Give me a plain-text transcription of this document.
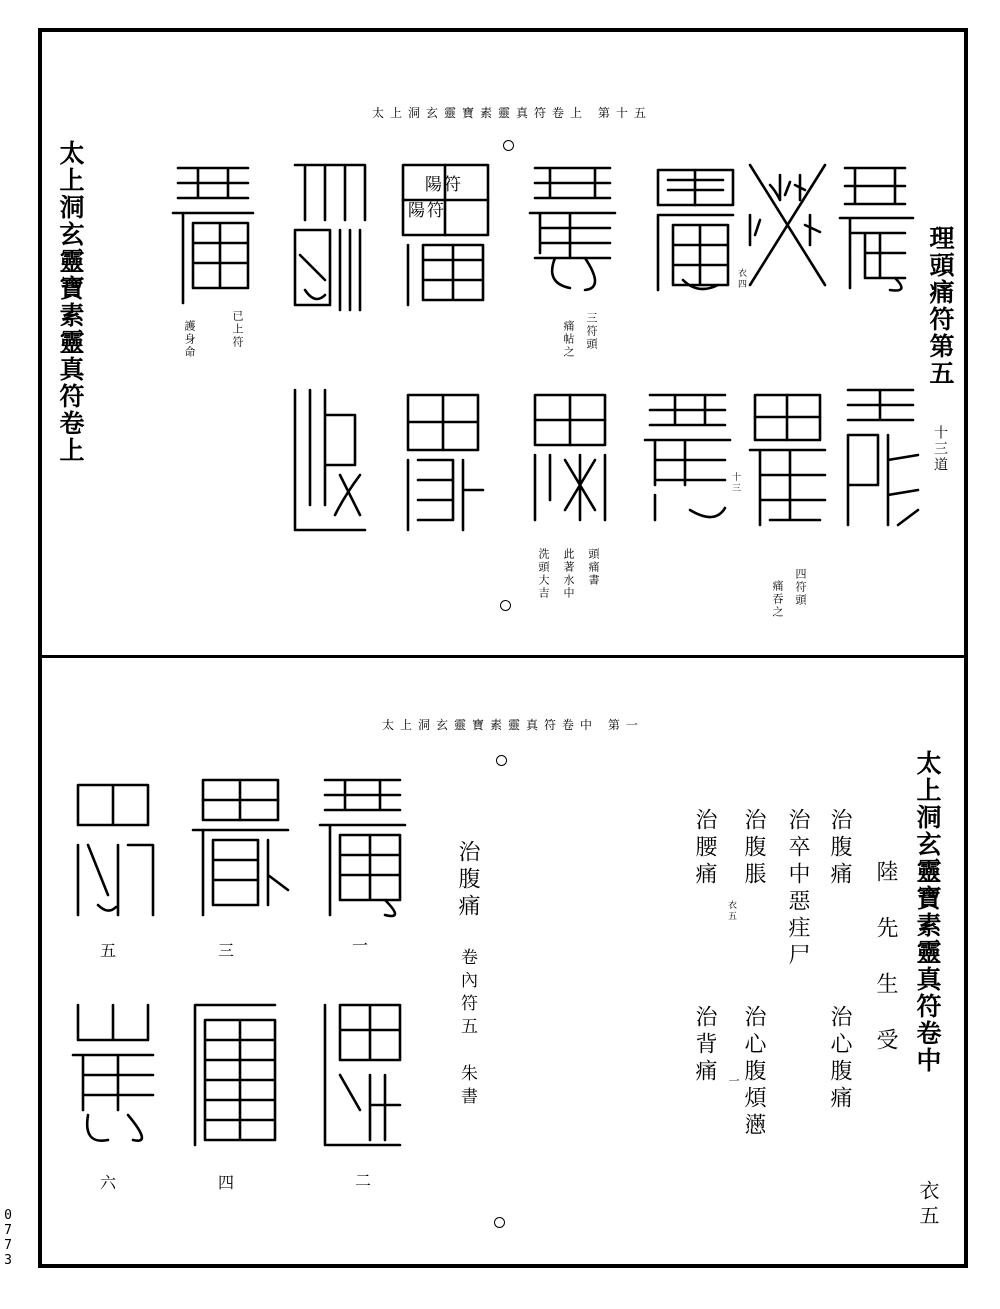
太上洞玄靈寶素靈真符卷上 第十五
太上洞玄靈寶素靈真符卷上	理頭痛符第五
十三道
四符頭
痛吞之
三符頭
痛帖之
已上符
護身命
頭痛書
此著水中
洗頭大吉
衣四
十三
陽符
陽符
太上洞玄靈寶素靈真符卷中 第一
太上洞玄靈寶素靈真符卷中
陸先生受
衣五
治腹痛
治心腹痛
治卒中惡疰尸
治腹脹
治心腹煩懣
治腰痛
治背痛
衣五
一
治腹痛
卷內符五
朱書
一
二
三
四
五
六
0
7
7
3
